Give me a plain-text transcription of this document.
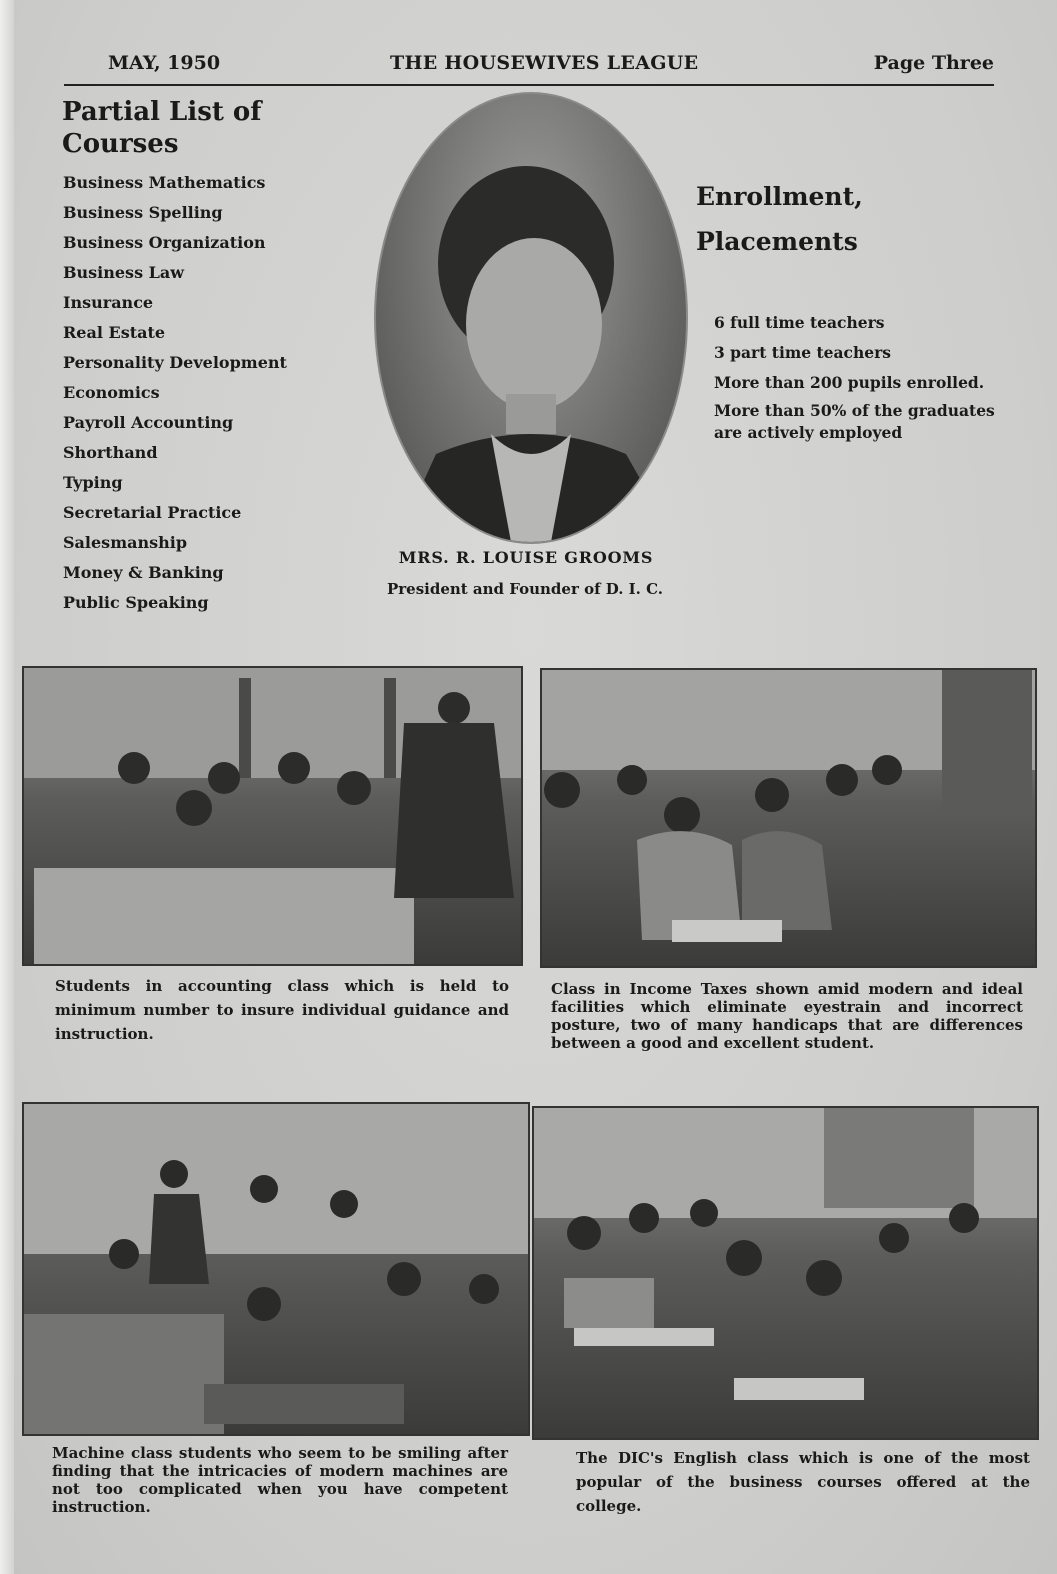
MAY, 1950	THE HOUSEWIVES LEAGUE	Page Three
Partial List of
Courses
Business Mathematics
Business Spelling
Business Organization
Business Law
Insurance
Real Estate
Personality Development
Economics
Payroll Accounting
Shorthand
Typing
Secretarial Practice
Salesmanship
Money & Banking
Public Speaking
MRS. R. LOUISE GROOMS
President and Founder of D. I. C.
Enrollment,
Placements
6 full time teachers
3 part time teachers
More than 200 pupils enrolled.
More than 50% of the graduates are actively employed
Students in accounting class which is held to minimum number to insure individual guidance and instruction.
Class in Income Taxes shown amid modern and ideal facilities which eliminate eyestrain and incorrect posture, two of many handicaps that are differences between a good and excellent student.
Machine class students who seem to be smiling after finding that the intricacies of modern machines are not too complicated when you have competent instruction.
The DIC's English class which is one of the most popular of the business courses offered at the college.
